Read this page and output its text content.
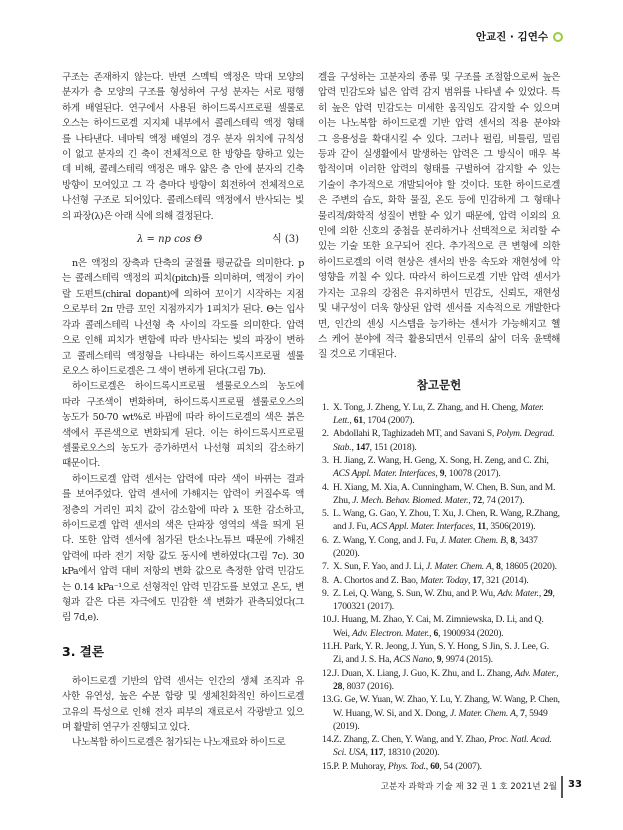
안교진 · 김연수
구조는 존재하지 않는다. 반면 스멕틱 액정은 막대 모양의
분자가 층 모양의 구조를 형성하여 구성 분자는 서로 평행
하게 배열된다. 연구에서 사용된 하이드록시프로필 셀룰로
오스는 하이드로겔 지지체 내부에서 콜레스테릭 액정 형태
를 나타낸다. 네마틱 액정 배열의 경우 분자 위치에 규칙성
이 없고 분자의 긴 축이 전체적으로 한 방향을 향하고 있는
데 비해, 콜레스테릭 액정은 매우 얇은 층 안에 분자의 긴축
방향이 모여있고 그 각 층마다 방향이 회전하여 전체적으로
나선형 구조로 되어있다. 콜레스테릭 액정에서 반사되는 빛
의 파장(λ)은 아래 식에 의해 결정된다.
λ = np cos Θ	식 (3)
n은 액정의 장축과 단축의 굴절률 평균값을 의미한다. p
는 콜레스테릭 액정의 피치(pitch)를 의미하며, 액정이 카이
랄 도펀트(chiral dopant)에 의하여 꼬이기 시작하는 지점
으로부터 2π 만큼 꼬인 지점까지가 1피치가 된다. Θ는 입사
각과 콜레스테릭 나선형 축 사이의 각도를 의미한다. 압력
으로 인해 피치가 변함에 따라 반사되는 빛의 파장이 변하
고 콜레스테릭 액정형을 나타내는 하이드록시프로필 셀룰
로오스 하이드로겔은 그 색이 변하게 된다(그림 7b).
하이드로겔은 하이드록시프로필 셀룰로오스의 농도에
따라 구조색이 변화하며, 하이드록시프로필 셀룰로오스의
농도가 50-70 wt%로 바뀜에 따라 하이드로겔의 색은 붉은
색에서 푸른색으로 변화되게 된다. 이는 하이드록시프로필
셀룰로오스의 농도가 증가하면서 나선형 피치의 감소하기
때문이다.
하이드로겔 압력 센서는 압력에 따라 색이 바뀌는 결과
를 보여주었다. 압력 센서에 가해지는 압력이 커질수록 액
정층의 거리인 피치 값이 감소함에 따라 λ 또한 감소하고,
하이드로겔 압력 센서의 색은 단파장 영역의 색을 띄게 된
다. 또한 압력 센서에 첨가된 탄소나노튜브 때문에 가해진
압력에 따라 전기 저항 값도 동시에 변하였다(그림 7c). 30
kPa에서 압력 대비 저항의 변화 값으로 측정한 압력 민감도
는 0.14 kPa⁻¹으로 선형적인 압력 민감도를 보였고 온도, 변
형과 같은 다른 자극에도 민감한 색 변화가 관측되었다(그
림 7d,e).
3. 결론
하이드로겔 기반의 압력 센서는 인간의 생체 조직과 유
사한 유연성, 높은 수분 함량 및 생체친화적인 하이드로겔
고유의 특성으로 인해 전자 피부의 재료로서 각광받고 있으
며 활발히 연구가 진행되고 있다.
나노복합 하이드로겔은 첨가되는 나노재료와 하이드로
겔을 구성하는 고분자의 종류 및 구조를 조절함으로써 높은
압력 민감도와 넓은 압력 감지 범위를 나타낼 수 있었다. 특
히 높은 압력 민감도는 미세한 움직임도 감지할 수 있으며
이는 나노복합 하이드로겔 기반 압력 센서의 적용 분야와
그 응용성을 확대시킬 수 있다. 그러나 펄림, 비틀림, 밀림
등과 같이 실생활에서 발생하는 압력은 그 방식이 매우 복
합적이며 이러한 압력의 형태를 구별하여 감지할 수 있는
기술이 추가적으로 개발되어야 할 것이다. 또한 하이드로겔
은 주변의 습도, 화학 물질, 온도 등에 민감하게 그 형태나
물리적/화학적 성질이 변할 수 있기 때문에, 압력 이외의 요
인에 의한 신호의 중첩을 분리하거나 선택적으로 처리할 수
있는 기술 또한 요구되어 진다. 추가적으로 큰 변형에 의한
하이드로겔의 이력 현상은 센서의 반응 속도와 재현성에 악
영향을 끼칠 수 있다. 따라서 하이드로겔 기반 압력 센서가
가지는 고유의 강점은 유지하면서 민감도, 신뢰도, 재현성
및 내구성이 더욱 향상된 압력 센서를 지속적으로 개발한다
면, 인간의 센싱 시스템을 능가하는 센서가 가능해지고 헬
스 케어 분야에 적극 활용되면서 인류의 삶이 더욱 윤택해
질 것으로 기대된다.
참고문헌
1. X. Tong, J. Zheng, Y. Lu, Z. Zhang, and H. Cheng, Mater. Lett., 61, 1704 (2007).
2. Abdollahi R, Taghizadeh MT, and Savani S, Polym. Degrad. Stab., 147, 151 (2018).
3. H. Jiang, Z. Wang, H. Geng, X. Song, H. Zeng, and C. Zhi, ACS Appl. Mater. Interfaces, 9, 10078 (2017).
4. H. Xiang, M. Xia, A. Cunningham, W. Chen, B. Sun, and M. Zhu, J. Mech. Behav. Biomed. Mater., 72, 74 (2017).
5. L. Wang, G. Gao, Y. Zhou, T. Xu, J. Chen, R. Wang, R.Zhang, and J. Fu, ACS Appl. Mater. Interfaces, 11, 3506(2019).
6. Z. Wang, Y. Cong, and J. Fu, J. Mater. Chem. B, 8, 3437 (2020).
7. X. Sun, F. Yao, and J. Li, J. Mater. Chem. A, 8, 18605 (2020).
8. A. Chortos and Z. Bao, Mater. Today, 17, 321 (2014).
9. Z. Lei, Q. Wang, S. Sun, W. Zhu, and P. Wu, Adv. Mater., 29, 1700321 (2017).
10.J. Huang, M. Zhao, Y. Cai, M. Zimniewska, D. Li, and Q. Wei, Adv. Electron. Mater., 6, 1900934 (2020).
11.H. Park, Y. R. Jeong, J. Yun, S. Y. Hong, S Jin, S. J. Lee, G. Zi, and J. S. Ha, ACS Nano, 9, 9974 (2015).
12.J. Duan, X. Liang, J. Guo, K. Zhu, and L. Zhang, Adv. Mater., 28, 8037 (2016).
13.G. Ge, W. Yuan, W. Zhao, Y. Lu, Y. Zhang, W. Wang, P. Chen, W. Huang, W. Si, and X. Dong, J. Mater. Chem. A, 7, 5949 (2019).
14.Z. Zhang, Z. Chen, Y. Wang, and Y. Zhao, Proc. Natl. Acad. Sci. USA, 117, 18310 (2020).
15.P. P. Muhoray, Phys. Tod., 60, 54 (2007).
고분자 과학과 기술 제 32 권 1 호 2021년 2월 33
